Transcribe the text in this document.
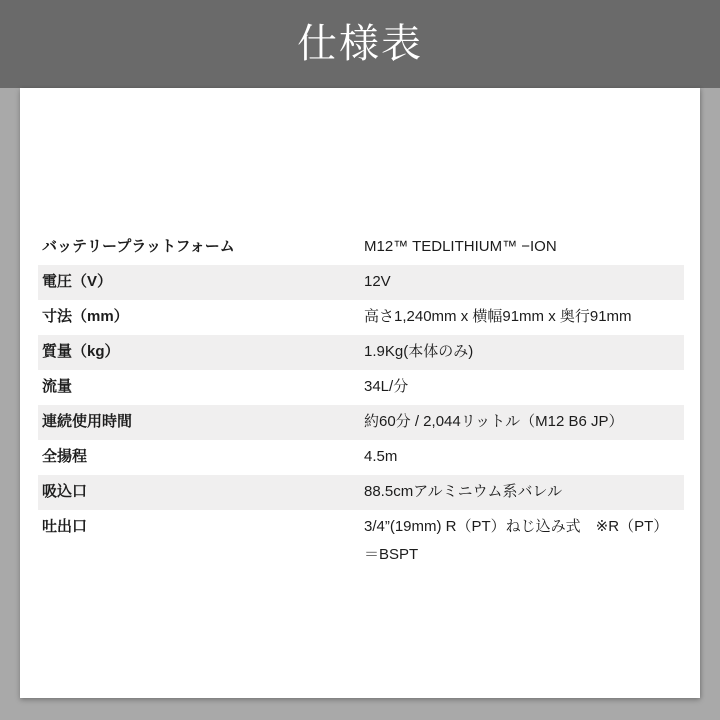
仕様表
バッテリープラットフォーム	M12™ TEDLITHIUM™ −ION
電圧（V）	12V
寸法（mm）	高さ1,240mm x 横幅91mm x 奥行91mm
質量（kg）	1.9Kg(本体のみ)
流量	34L/分
連続使用時間	約60分 / 2,044リットル（M12 B6 JP）
全揚程	4.5m
吸込口	88.5cmアルミニウム系バレル
吐出口	3/4”(19mm) R（PT）ねじ込み式　※R（PT）＝BSPT
